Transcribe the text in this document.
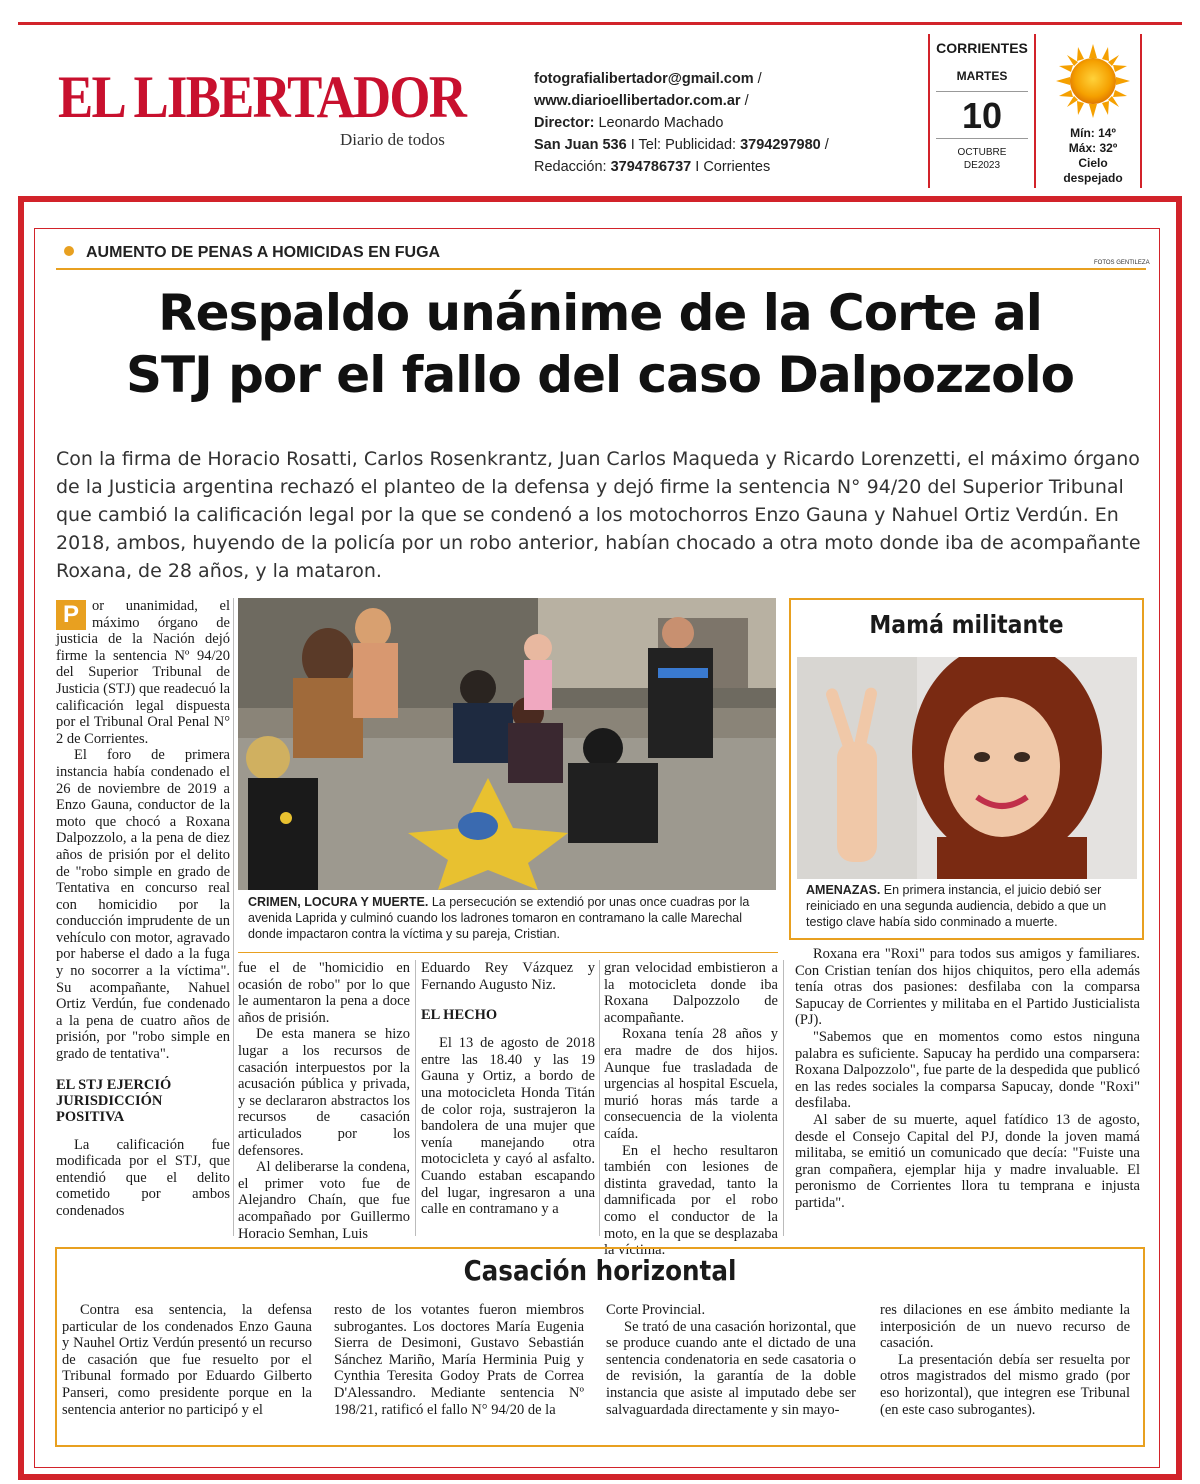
EL LIBERTADOR
Diario de todos
fotografialibertador@gmail.com /
www.diarioellibertador.com.ar /
Director: Leonardo Machado
San Juan 536 I Tel: Publicidad: 3794297980 /
Redacción: 3794786737 I Corrientes
CORRIENTES
MARTES
10
OCTUBRE
DE2023
Mín: 14º
Máx: 32º
Cielo
despejado
AUMENTO DE PENAS A HOMICIDAS EN FUGA
FOTOS GENTILEZA
Respaldo unánime de la Corte al
STJ por el fallo del caso Dalpozzolo

Con la firma de Horacio Rosatti, Carlos Rosenkrantz, Juan Carlos Maqueda y Ricardo Lorenzetti, el máximo órgano de la Justicia argentina rechazó el planteo de la defensa y dejó firme la sentencia N° 94/20 del Superior Tribunal que cambió la calificación legal por la que se condenó a los motochorros Enzo Gauna y Nahuel Ortiz Verdún. En 2018, ambos, huyendo de la policía por un robo anterior, habían chocado a otra moto donde iba de acompañante Roxana, de 28 años, y la mataron.

P or unanimidad, el máximo órgano de justicia de la Nación dejó firme la sentencia Nº 94/20 del Superior Tribunal de Justicia (STJ) que readecuó la calificación legal dispuesta por el Tribunal Oral Penal N° 2 de Corrientes.

El foro de primera instancia había condenado el 26 de noviembre de 2019 a Enzo Gauna, conductor de la moto que chocó a Roxana Dalpozzolo, a la pena de diez años de prisión por el delito de "robo simple en grado de Tentativa en concurso real con homicidio por la conducción imprudente de un vehículo con motor, agravado por haberse el dado a la fuga y no socorrer a la víctima". Su acompañante, Nahuel Ortiz Verdún, fue condenado a la pena de cuatro años de prisión, por "robo simple en grado de tentativa".

EL STJ EJERCIÓ JURISDICCIÓN POSITIVA

La calificación fue modificada por el STJ, que entendió que el delito cometido por ambos condenados

CRIMEN, LOCURA Y MUERTE. La persecución se extendió por unas once cuadras por la avenida Laprida y culminó cuando los ladrones tomaron en contramano la calle Marechal donde impactaron contra la víctima y su pareja, Cristian.

fue el de "homicidio en ocasión de robo" por lo que le aumentaron la pena a doce años de prisión.

De esta manera se hizo lugar a los recursos de casación interpuestos por la acusación pública y privada, y se declararon abstractos los recursos de casación articulados por los defensores.

Al deliberarse la condena, el primer voto fue de Alejandro Chaín, que fue acompañado por Guillermo Horacio Semhan, Luis

Eduardo Rey Vázquez y Fernando Augusto Niz.

EL HECHO

El 13 de agosto de 2018 entre las 18.40 y las 19 Gauna y Ortiz, a bordo de una motocicleta Honda Titán de color roja, sustrajeron la bandolera de una mujer que venía manejando otra motocicleta y cayó al asfalto. Cuando estaban escapando del lugar, ingresaron a una calle en contramano y a

gran velocidad embistieron a la motocicleta donde iba Roxana Dalpozzolo de acompañante.

Roxana tenía 28 años y era madre de dos hijos. Aunque fue trasladada de urgencias al hospital Escuela, murió horas más tarde a consecuencia de la violenta caída.

En el hecho resultaron también con lesiones de distinta gravedad, tanto la damnificada por el robo como el conductor de la moto, en la que se desplazaba la víctima.

Mamá militante

AMENAZAS. En primera instancia, el juicio debió ser reiniciado en una segunda audiencia, debido a que un testigo clave había sido conminado a muerte.

Roxana era "Roxi" para todos sus amigos y familiares. Con Cristian tenían dos hijos chiquitos, pero ella además tenía otras dos pasiones: desfilaba con la comparsa Sapucay de Corrientes y militaba en el Partido Justicialista (PJ).

"Sabemos que en momentos como estos ninguna palabra es suficiente. Sapucay ha perdido una comparsera: Roxana Dalpozzolo", fue parte de la despedida que publicó en las redes sociales la comparsa Sapucay, donde "Roxi" desfilaba.

Al saber de su muerte, aquel fatídico 13 de agosto, desde el Consejo Capital del PJ, donde la joven mamá militaba, se emitió un comunicado que decía: "Fuiste una gran compañera, ejemplar hija y madre invaluable. El peronismo de Corrientes llora tu temprana e injusta partida".

Casación horizontal

Contra esa sentencia, la defensa particular de los condenados Enzo Gauna y Nauhel Ortiz Verdún presentó un recurso de casación que fue resuelto por el Tribunal formado por Eduardo Gilberto Panseri, como presidente porque en la sentencia anterior no participó y el

resto de los votantes fueron miembros subrogantes. Los doctores María Eugenia Sierra de Desimoni, Gustavo Sebastián Sánchez Mariño, María Herminia Puig y Cynthia Teresita Godoy Prats de Correa D'Alessandro. Mediante sentencia Nº 198/21, ratificó el fallo N° 94/20 de la

Corte Provincial.

Se trató de una casación horizontal, que se produce cuando ante el dictado de una sentencia condenatoria en sede casatoria o de revisión, la garantía de la doble instancia que asiste al imputado debe ser salvaguardada directamente y sin mayo-

res dilaciones en ese ámbito mediante la interposición de un nuevo recurso de casación.

La presentación debía ser resuelta por otros magistrados del mismo grado (por eso horizontal), que integren ese Tribunal (en este caso subrogantes).
